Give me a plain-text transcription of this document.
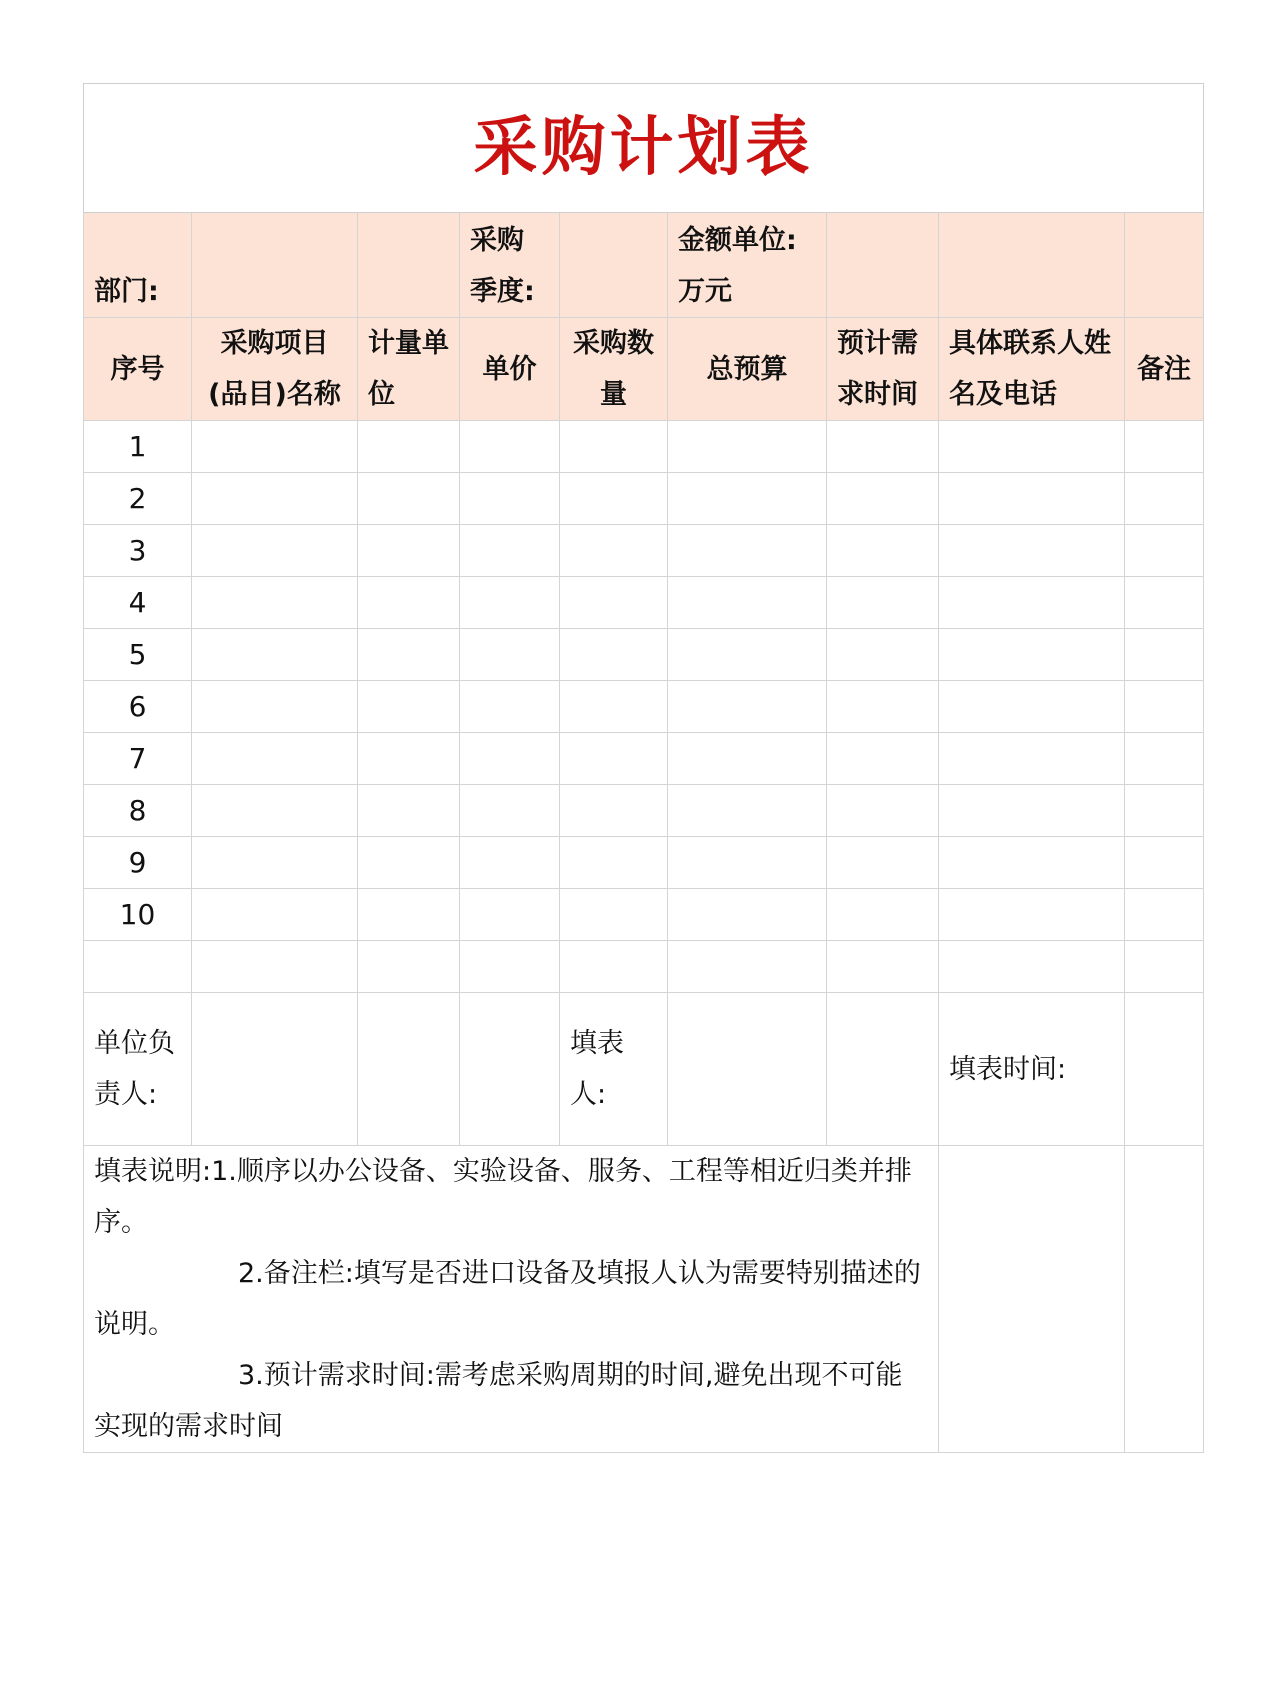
采购计划表								
部门:			采购季度:		金额单位:万元			
序号	采购项目(品目)名称	计量单位	单价	采购数量	总预算	预计需求时间	具体联系人姓名及电话	备注
1								
2								
3								
4								
5								
6								
7								
8								
9								
10								

单位负责人:				填表人:			填表时间:	

填表说明:1.顺序以办公设备、实验设备、服务、工程等相近归类并排序。
2.备注栏:填写是否进口设备及填报人认为需要特别描述的说明。
3.预计需求时间:需考虑采购周期的时间,避免出现不可能实现的需求时间								
